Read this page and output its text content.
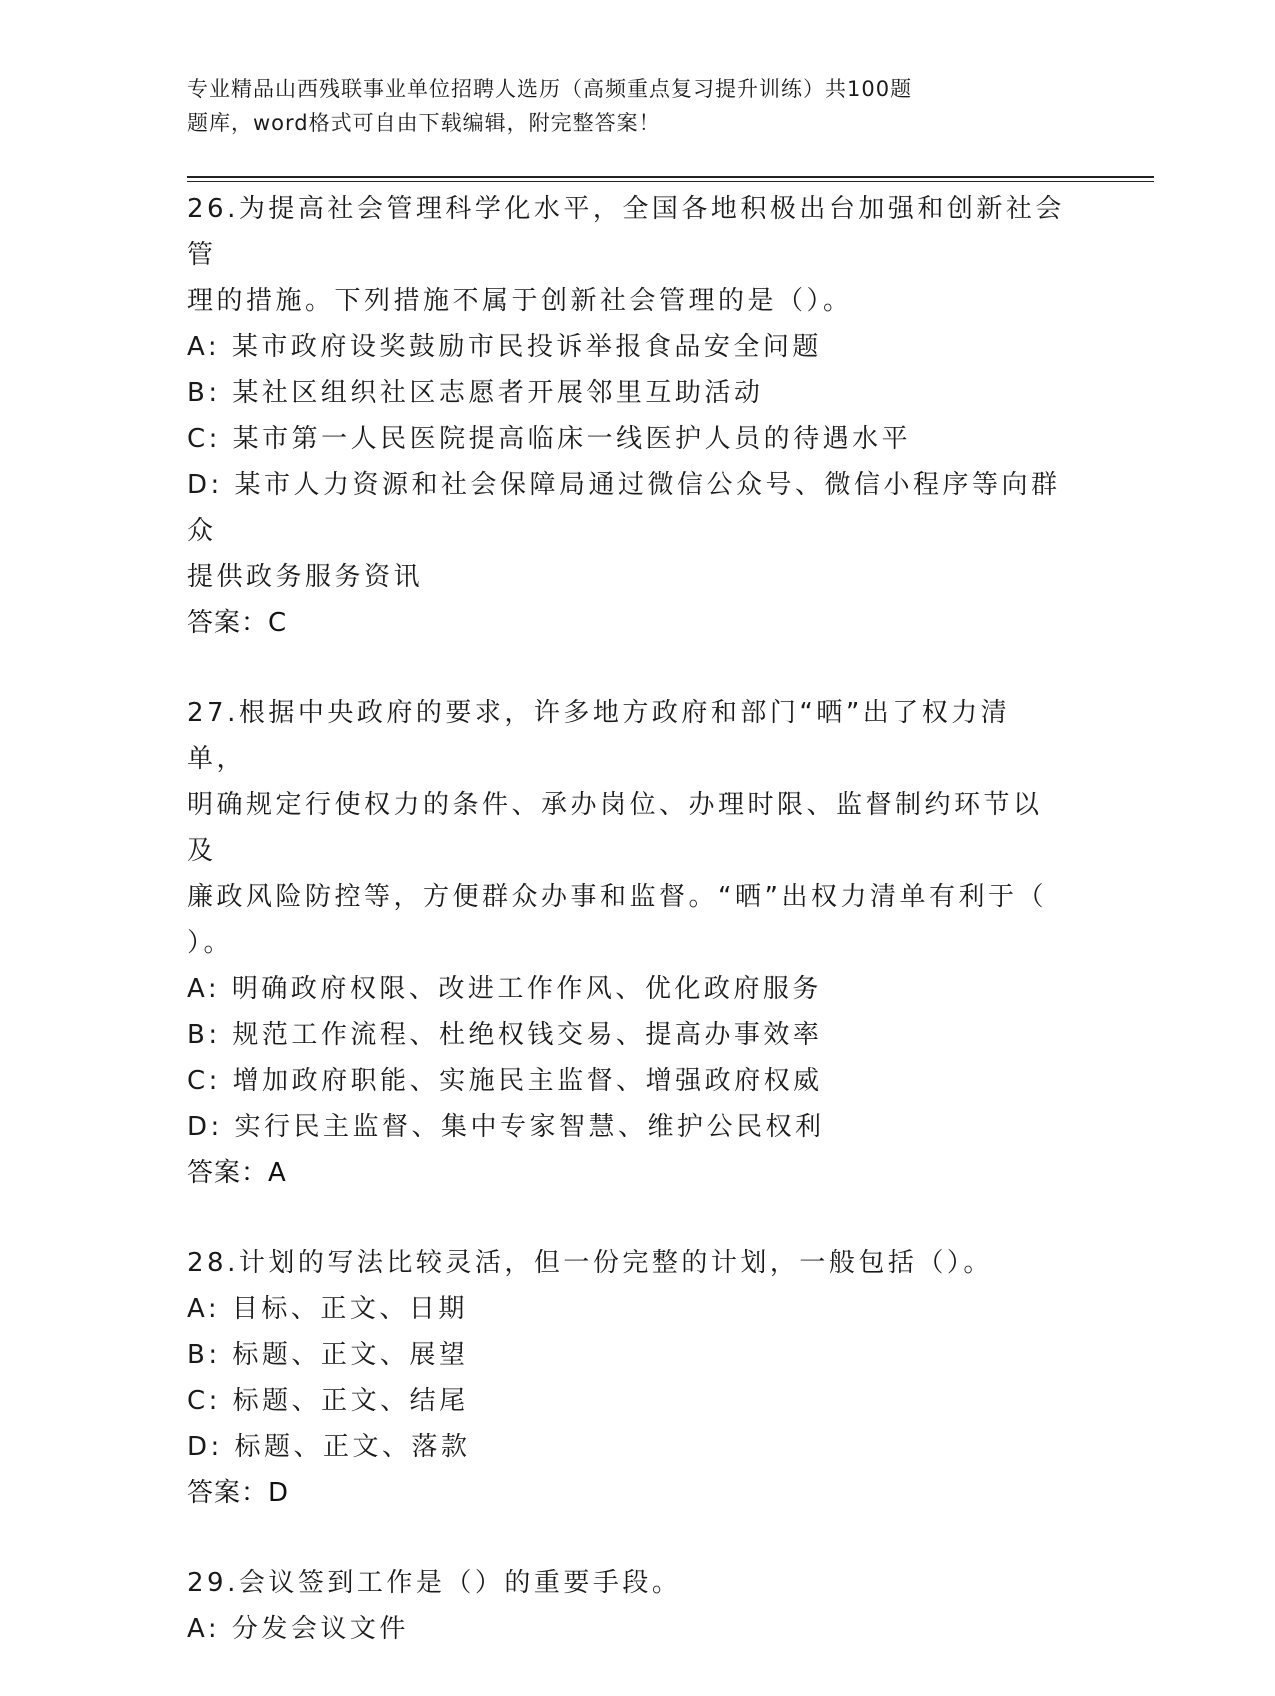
专业精品山西残联事业单位招聘人选历（高频重点复习提升训练）共100题
题库，word格式可自由下载编辑，附完整答案！
26.为提高社会管理科学化水平，全国各地积极出台加强和创新社会管
理的措施。下列措施不属于创新社会管理的是（）。
A: 某市政府设奖鼓励市民投诉举报食品安全问题
B: 某社区组织社区志愿者开展邻里互助活动
C: 某市第一人民医院提高临床一线医护人员的待遇水平
D: 某市人力资源和社会保障局通过微信公众号、微信小程序等向群众
提供政务服务资讯
答案：C
27.根据中央政府的要求，许多地方政府和部门“晒”出了权力清单，
明确规定行使权力的条件、承办岗位、办理时限、监督制约环节以及
廉政风险防控等，方便群众办事和监督。“晒”出权力清单有利于（
）。
A: 明确政府权限、改进工作作风、优化政府服务
B: 规范工作流程、杜绝权钱交易、提高办事效率
C: 增加政府职能、实施民主监督、增强政府权威
D: 实行民主监督、集中专家智慧、维护公民权利
答案：A
28.计划的写法比较灵活，但一份完整的计划，一般包括（）。
A: 目标、正文、日期
B: 标题、正文、展望
C: 标题、正文、结尾
D: 标题、正文、落款
答案：D
29.会议签到工作是（）的重要手段。
A: 分发会议文件
